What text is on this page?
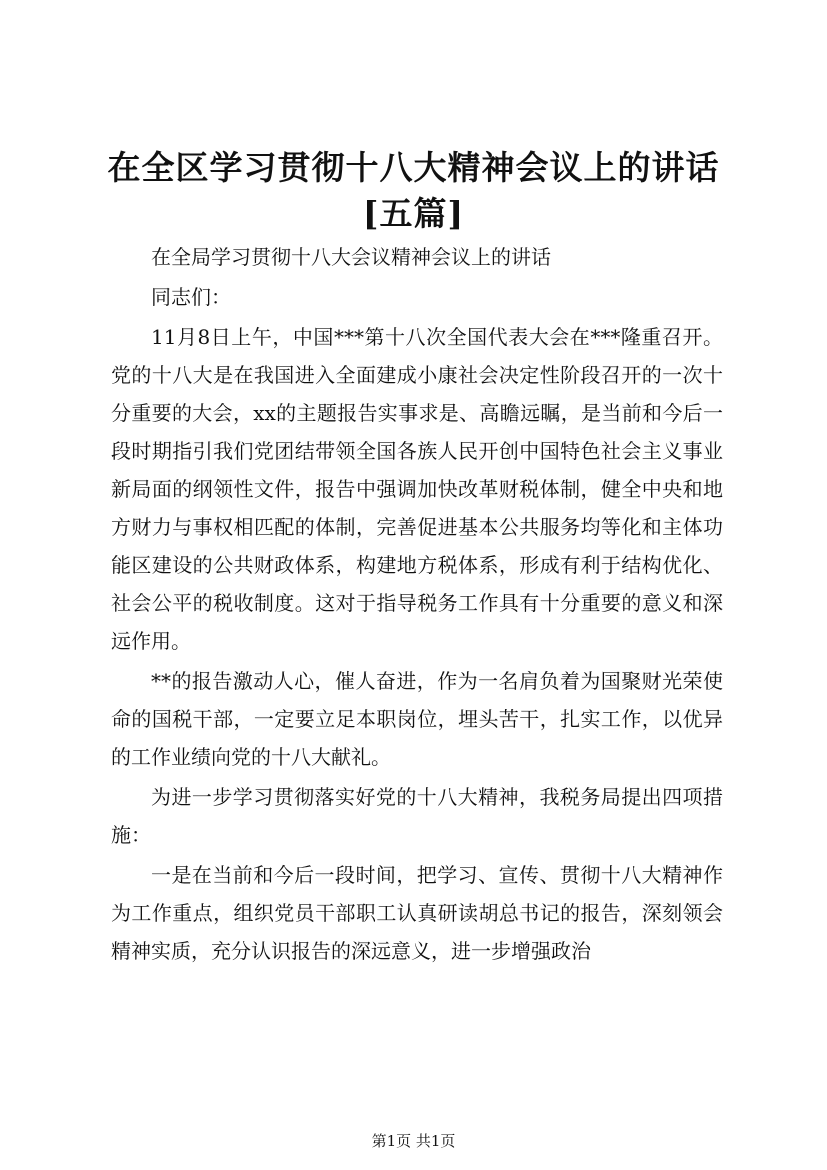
在全区学习贯彻十八大精神会议上的讲话[五篇]

在全局学习贯彻十八大会议精神会议上的讲话

同志们：

11月8日上午，中国***第十八次全国代表大会在***隆重召开。党的十八大是在我国进入全面建成小康社会决定性阶段召开的一次十分重要的大会，xx的主题报告实事求是、高瞻远瞩，是当前和今后一段时期指引我们党团结带领全国各族人民开创中国特色社会主义事业新局面的纲领性文件，报告中强调加快改革财税体制，健全中央和地方财力与事权相匹配的体制，完善促进基本公共服务均等化和主体功能区建设的公共财政体系，构建地方税体系，形成有利于结构优化、社会公平的税收制度。这对于指导税务工作具有十分重要的意义和深远作用。

**的报告激动人心，催人奋进，作为一名肩负着为国聚财光荣使命的国税干部，一定要立足本职岗位，埋头苦干，扎实工作，以优异的工作业绩向党的十八大献礼。

为进一步学习贯彻落实好党的十八大精神，我税务局提出四项措施：

一是在当前和今后一段时间，把学习、宣传、贯彻十八大精神作为工作重点，组织党员干部职工认真研读胡总书记的报告，深刻领会精神实质，充分认识报告的深远意义，进一步增强政治

第1页 共1页
